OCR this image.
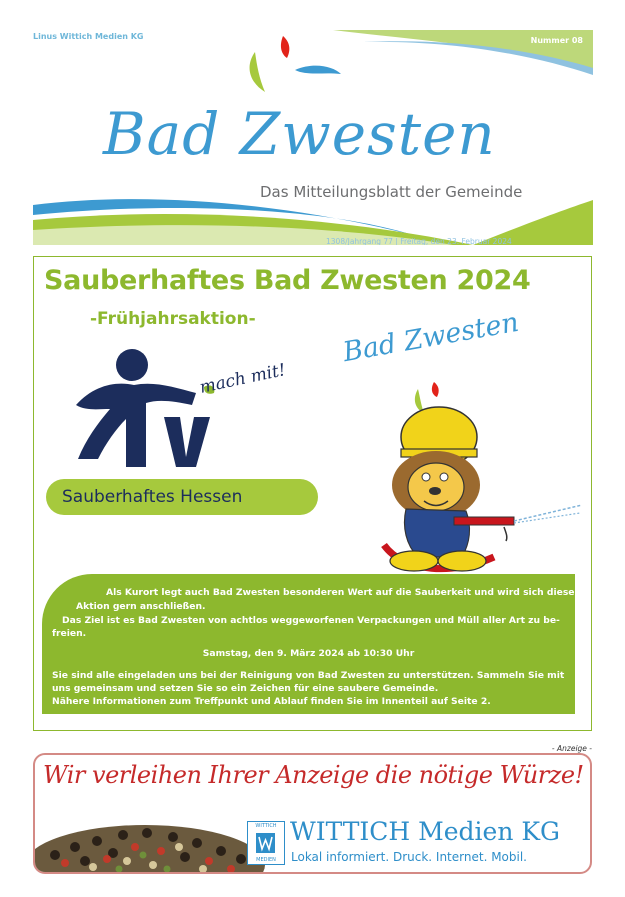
Linus Wittich Medien KG	Nummer 08
Bad Zwesten
Das Mitteilungsblatt der Gemeinde
1308/Jahrgang 77 | Freitag, den 23. Februar 2024
Sauberhaftes Bad Zwesten 2024
-Frühjahrsaktion-
mach mit!
Sauberhaftes Hessen
Bad Zwesten

Als Kurort legt auch Bad Zwesten besonderen Wert auf die Sauberkeit und wird sich dieser

Aktion gern anschließen.

Das Ziel ist es Bad Zwesten von achtlos weggeworfenen Verpackungen und Müll aller Art zu be-

freien.

Samstag, den 9. März 2024 ab 10:30 Uhr

Sie sind alle eingeladen uns bei der Reinigung von Bad Zwesten zu unterstützen. Sammeln Sie mit

uns gemeinsam und setzen Sie so ein Zeichen für eine saubere Gemeinde.

Nähere Informationen zum Treffpunkt und Ablauf finden Sie im Innenteil auf Seite 2.

- Anzeige -
Wir verleihen Ihrer Anzeige die nötige Würze!
WITTICH
MEDIEN
WITTICH Medien KG
Lokal informiert. Druck. Internet. Mobil.
